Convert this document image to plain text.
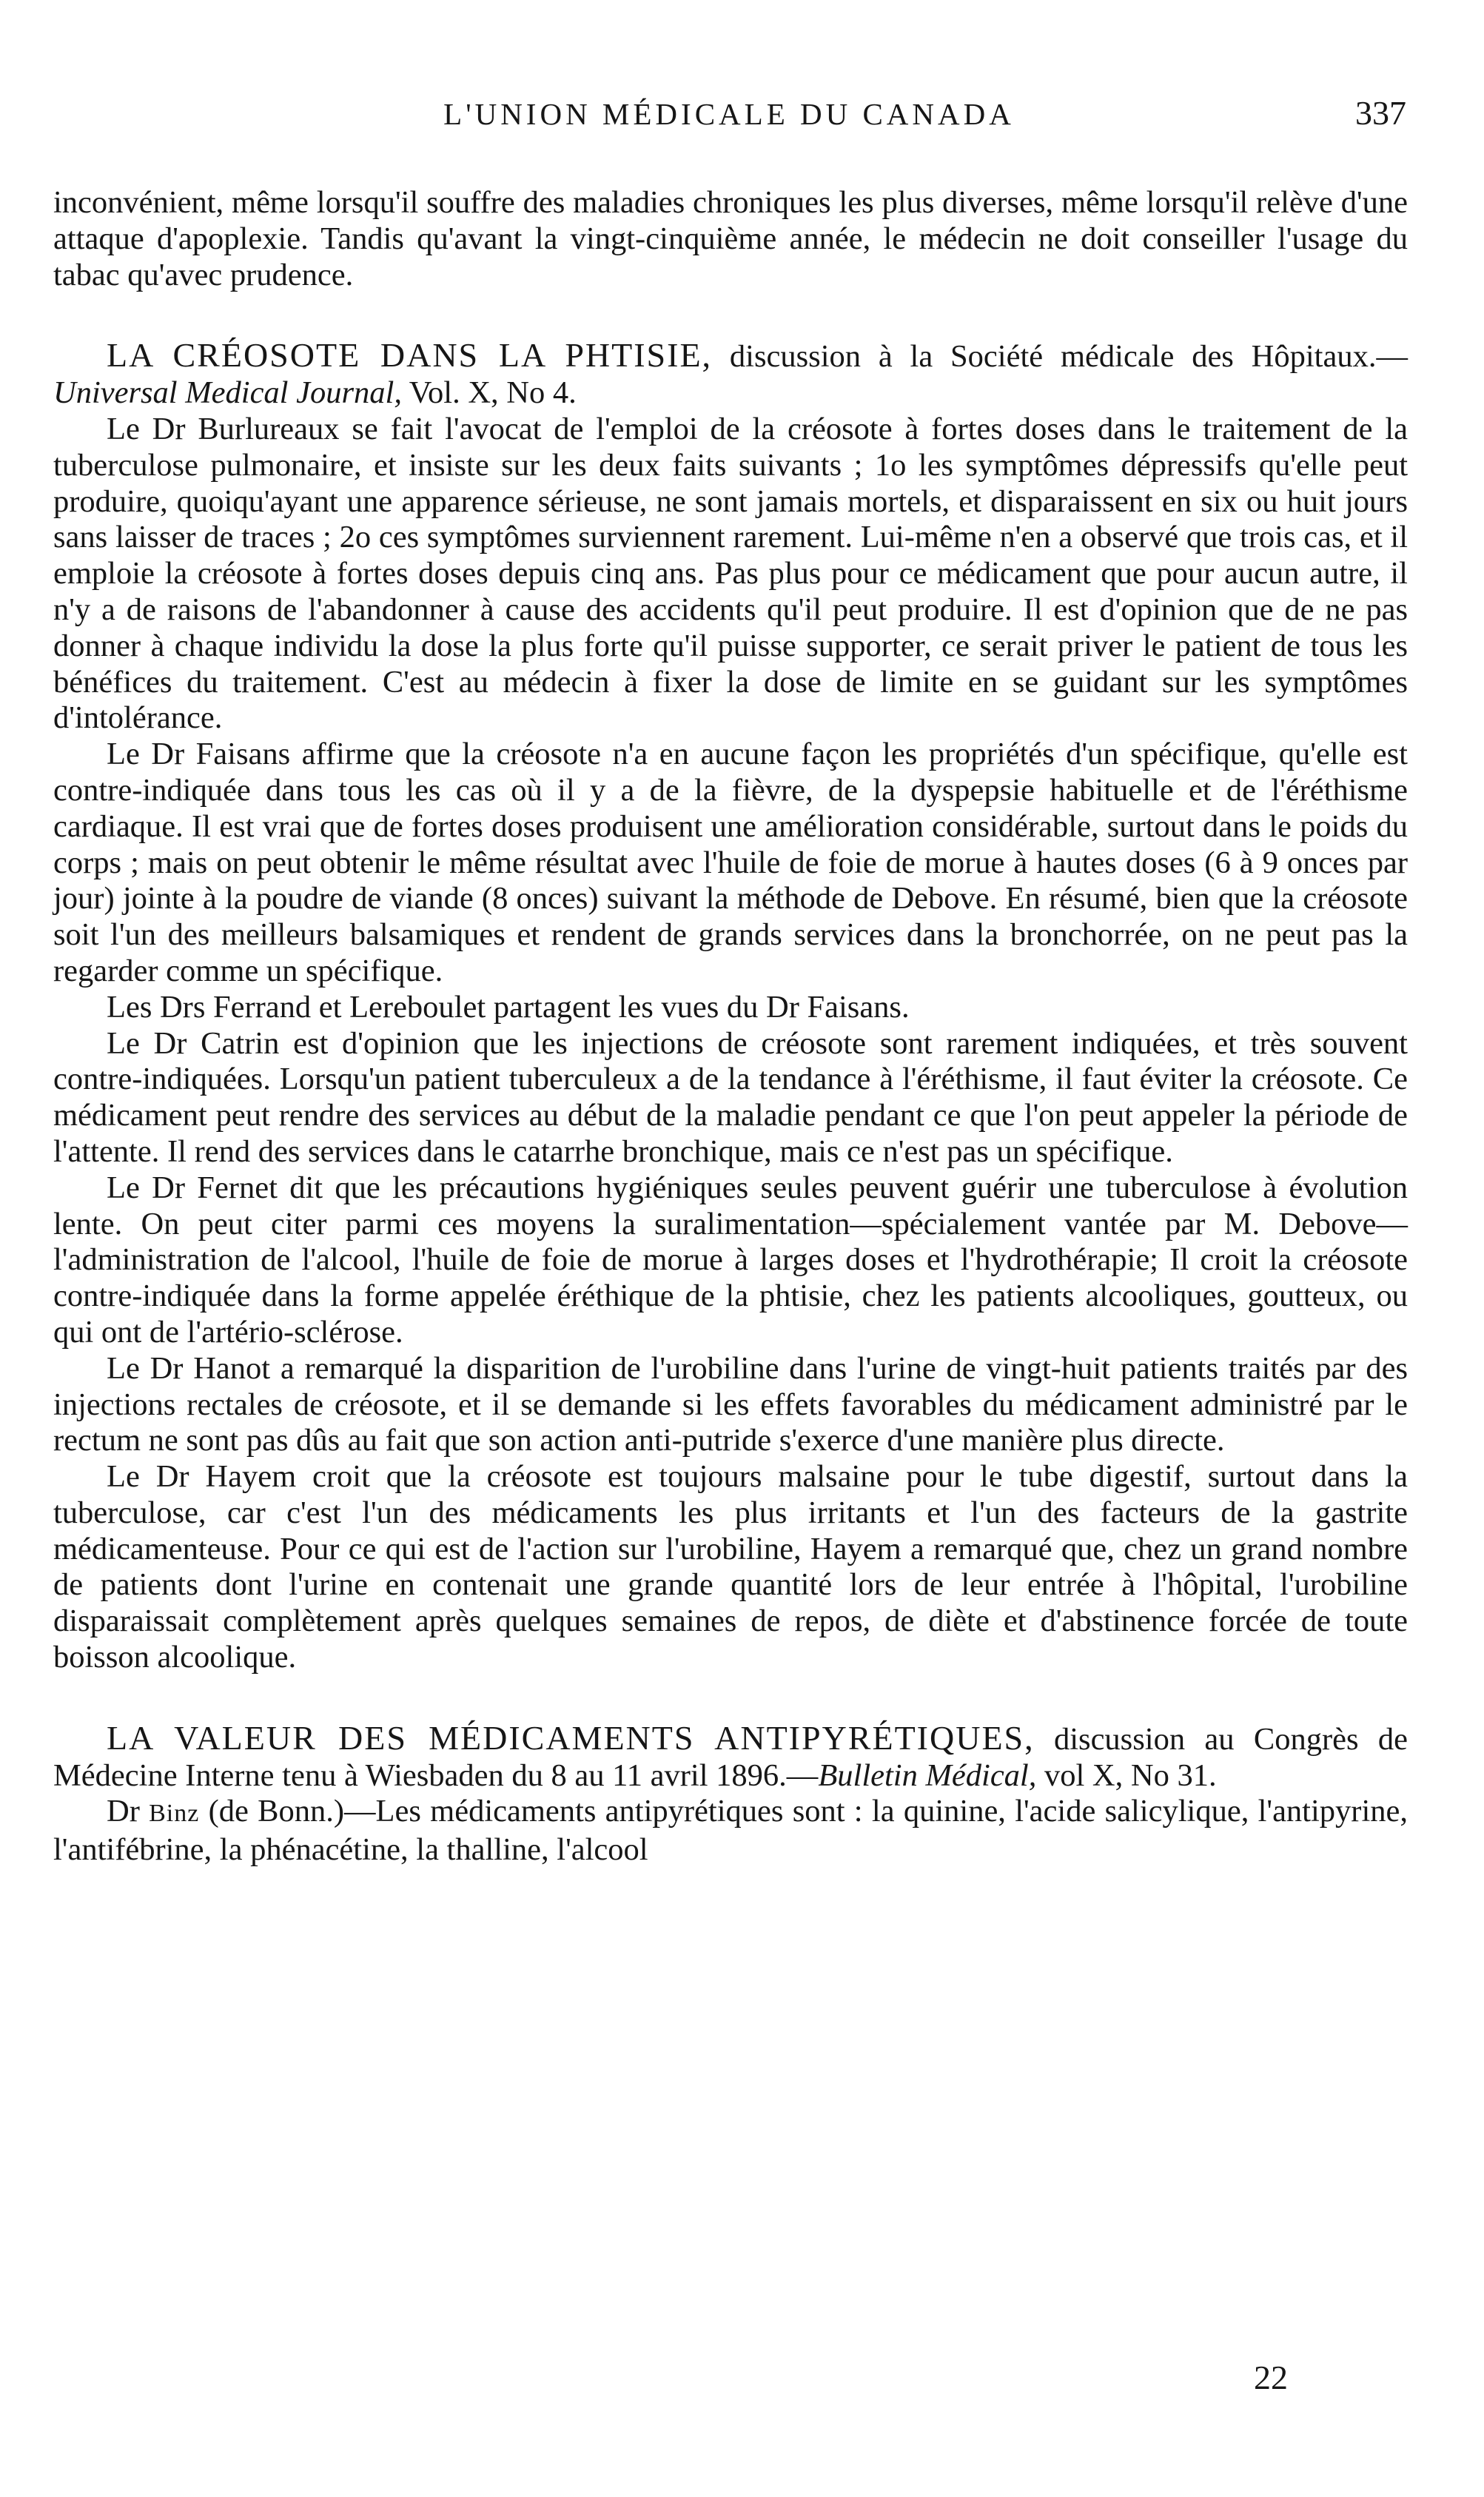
L'UNION MÉDICALE DU CANADA	337

inconvénient, même lorsqu'il souffre des maladies chroniques les plus diverses, même lorsqu'il relève d'une attaque d'apoplexie. Tandis qu'avant la vingt-cinquième année, le médecin ne doit conseiller l'usage du tabac qu'avec prudence.

LA CRÉOSOTE DANS LA PHTISIE, discussion à la Société médicale des Hôpitaux.—Universal Medical Journal, Vol. X, No 4.

Le Dr Burlureaux se fait l'avocat de l'emploi de la créosote à fortes doses dans le traitement de la tuberculose pulmonaire, et insiste sur les deux faits suivants ; 1o les symptômes dépressifs qu'elle peut produire, quoiqu'ayant une apparence sérieuse, ne sont jamais mortels, et disparaissent en six ou huit jours sans laisser de traces ; 2o ces symptômes surviennent rarement. Lui-même n'en a observé que trois cas, et il emploie la créosote à fortes doses depuis cinq ans. Pas plus pour ce médicament que pour aucun autre, il n'y a de raisons de l'abandonner à cause des accidents qu'il peut produire. Il est d'opinion que de ne pas donner à chaque individu la dose la plus forte qu'il puisse supporter, ce serait priver le patient de tous les bénéfices du traitement. C'est au médecin à fixer la dose de limite en se guidant sur les symptômes d'intolérance.

Le Dr Faisans affirme que la créosote n'a en aucune façon les propriétés d'un spécifique, qu'elle est contre-indiquée dans tous les cas où il y a de la fièvre, de la dyspepsie habituelle et de l'éréthisme cardiaque. Il est vrai que de fortes doses produisent une amélioration considérable, surtout dans le poids du corps ; mais on peut obtenir le même résultat avec l'huile de foie de morue à hautes doses (6 à 9 onces par jour) jointe à la poudre de viande (8 onces) suivant la méthode de Debove. En résumé, bien que la créosote soit l'un des meilleurs balsamiques et rendent de grands services dans la bronchorrée, on ne peut pas la regarder comme un spécifique.

Les Drs Ferrand et Lereboulet partagent les vues du Dr Faisans.

Le Dr Catrin est d'opinion que les injections de créosote sont rarement indiquées, et très souvent contre-indiquées. Lorsqu'un patient tuberculeux a de la tendance à l'éréthisme, il faut éviter la créosote. Ce médicament peut rendre des services au début de la maladie pendant ce que l'on peut appeler la période de l'attente. Il rend des services dans le catarrhe bronchique, mais ce n'est pas un spécifique.

Le Dr Fernet dit que les précautions hygiéniques seules peuvent guérir une tuberculose à évolution lente. On peut citer parmi ces moyens la suralimentation—spécialement vantée par M. Debove—l'administration de l'alcool, l'huile de foie de morue à larges doses et l'hydrothérapie; Il croit la créosote contre-indiquée dans la forme appelée éréthique de la phtisie, chez les patients alcooliques, goutteux, ou qui ont de l'artério-sclérose.

Le Dr Hanot a remarqué la disparition de l'urobiline dans l'urine de vingt-huit patients traités par des injections rectales de créosote, et il se demande si les effets favorables du médicament administré par le rectum ne sont pas dûs au fait que son action anti-putride s'exerce d'une manière plus directe.

Le Dr Hayem croit que la créosote est toujours malsaine pour le tube digestif, surtout dans la tuberculose, car c'est l'un des médicaments les plus irritants et l'un des facteurs de la gastrite médicamenteuse. Pour ce qui est de l'action sur l'urobiline, Hayem a remarqué que, chez un grand nombre de patients dont l'urine en contenait une grande quantité lors de leur entrée à l'hôpital, l'urobiline disparaissait complètement après quelques semaines de repos, de diète et d'abstinence forcée de toute boisson alcoolique.

LA VALEUR DES MÉDICAMENTS ANTIPYRÉTIQUES, discussion au Congrès de Médecine Interne tenu à Wiesbaden du 8 au 11 avril 1896.—Bulletin Médical, vol X, No 31.

Dr Binz (de Bonn.)—Les médicaments antipyrétiques sont : la quinine, l'acide salicylique, l'antipyrine, l'antifébrine, la phénacétine, la thalline, l'alcool

22
